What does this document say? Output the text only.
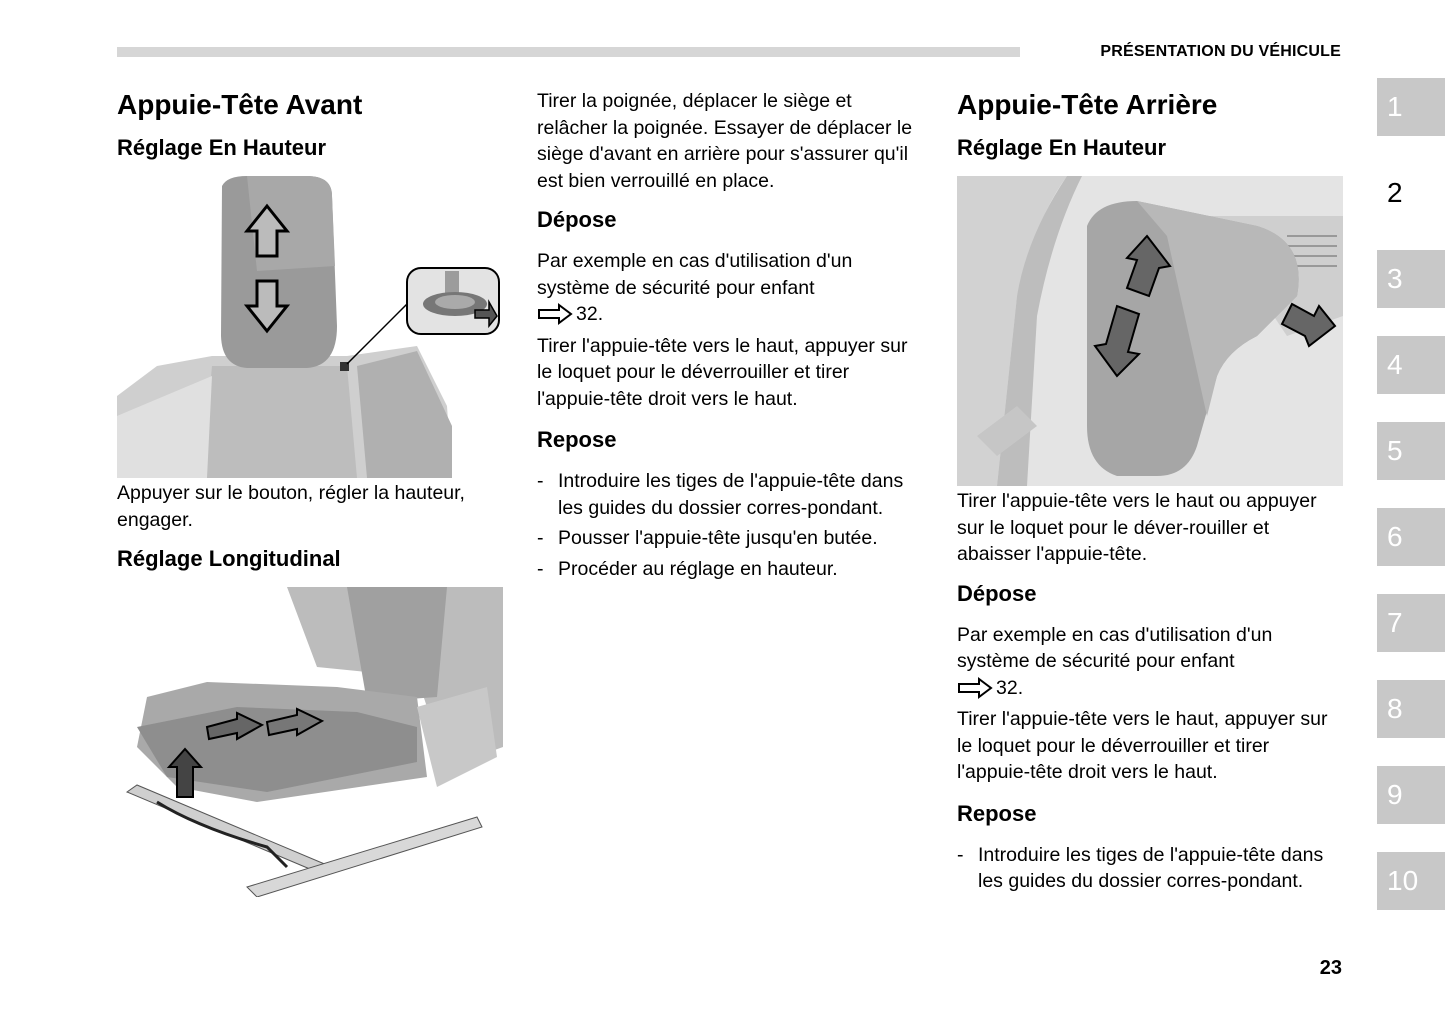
PRÉSENTATION DU VÉHICULE
Appuie-Tête Avant
Réglage En Hauteur

Appuyer sur le bouton, régler la hauteur, engager.

Réglage Longitudinal

Tirer la poignée, déplacer le siège et relâcher la poignée. Essayer de déplacer le siège d'avant en arrière pour s'assurer qu'il est bien verrouillé en place.

Dépose

Par exemple en cas d'utilisation d'un système de sécurité pour enfant

32.

Tirer l'appuie-tête vers le haut, appuyer sur le loquet pour le déverrouiller et tirer l'appuie-tête droit vers le haut.

Repose
- Introduire les tiges de l'appuie-tête dans les guides du dossier corres-pondant.
- Pousser l'appuie-tête jusqu'en butée.
- Procéder au réglage en hauteur.
Appuie-Tête Arrière
Réglage En Hauteur

Tirer l'appuie-tête vers le haut ou appuyer sur le loquet pour le déver-rouiller et abaisser l'appuie-tête.

Dépose

Par exemple en cas d'utilisation d'un système de sécurité pour enfant

32.

Tirer l'appuie-tête vers le haut, appuyer sur le loquet pour le déverrouiller et tirer l'appuie-tête droit vers le haut.

Repose
- Introduire les tiges de l'appuie-tête dans les guides du dossier corres-pondant.
1
2
3
4
5
6
7
8
9
10
23
